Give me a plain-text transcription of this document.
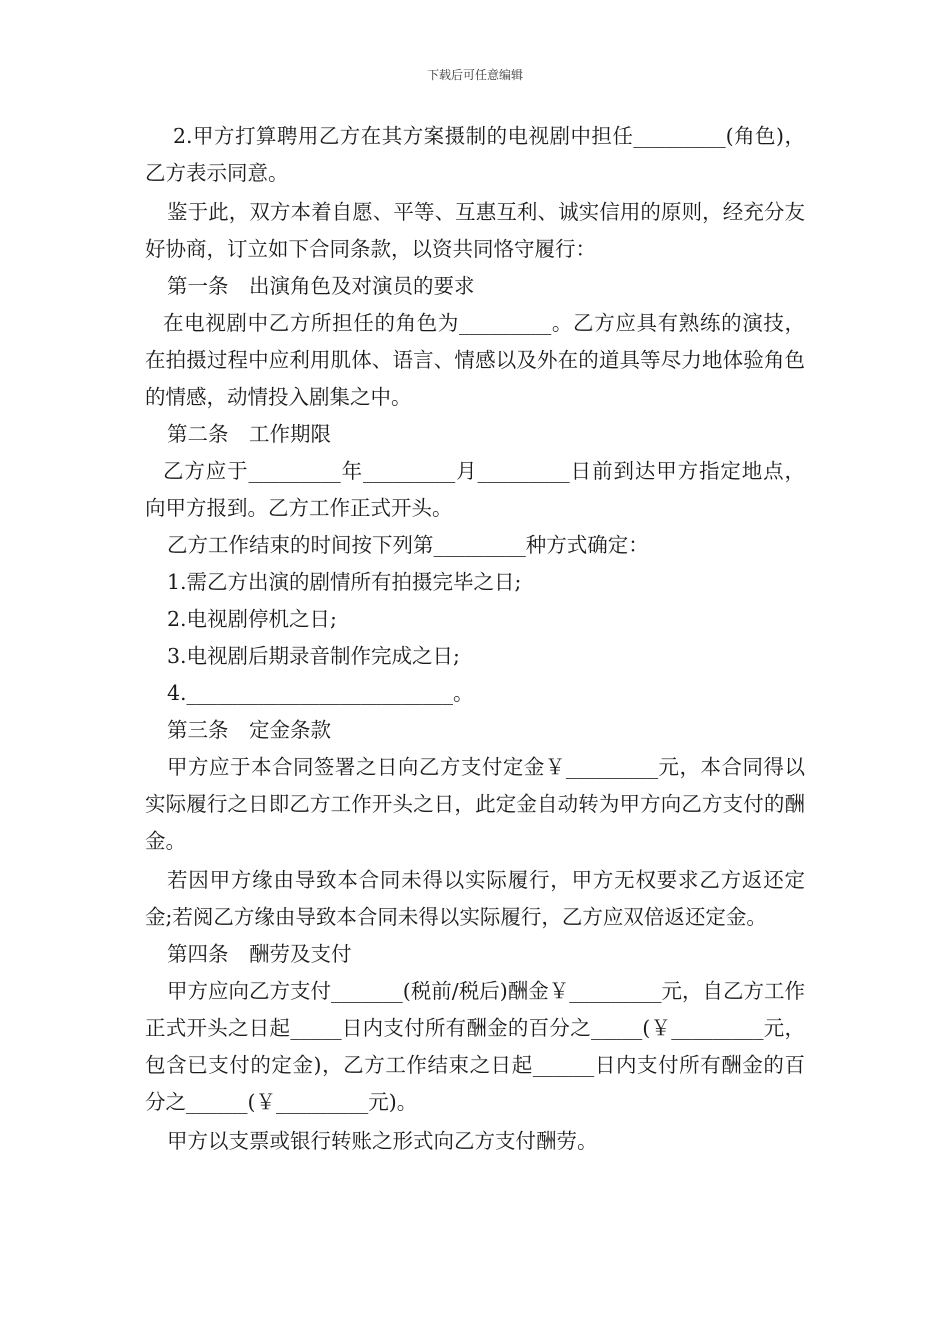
下载后可任意编辑

2.甲方打算聘用乙方在其方案摄制的电视剧中担任_________(角色)，乙方表示同意。

鉴于此，双方本着自愿、平等、互惠互利、诚实信用的原则，经充分友好协商，订立如下合同条款，以资共同恪守履行：

第一条　出演角色及对演员的要求

在电视剧中乙方所担任的角色为_________。乙方应具有熟练的演技，在拍摄过程中应利用肌体、语言、情感以及外在的道具等尽力地体验角色的情感，动情投入剧集之中。

第二条　工作期限

乙方应于_________年_________月_________日前到达甲方指定地点，向甲方报到。乙方工作正式开头。

乙方工作结束的时间按下列第_________种方式确定：

1.需乙方出演的剧情所有拍摄完毕之日;

2.电视剧停机之日;

3.电视剧后期录音制作完成之日;

4.__________________________。

第三条　定金条款

甲方应于本合同签署之日向乙方支付定金￥_________元，本合同得以实际履行之日即乙方工作开头之日，此定金自动转为甲方向乙方支付的酬金。

若因甲方缘由导致本合同未得以实际履行，甲方无权要求乙方返还定金;若阅乙方缘由导致本合同未得以实际履行，乙方应双倍返还定金。

第四条　酬劳及支付

甲方应向乙方支付_______(税前/税后)酬金￥_________元，自乙方工作正式开头之日起_____日内支付所有酬金的百分之_____(￥_________元，包含已支付的定金)，乙方工作结束之日起______日内支付所有酬金的百分之______(￥_________元)。

甲方以支票或银行转账之形式向乙方支付酬劳。
